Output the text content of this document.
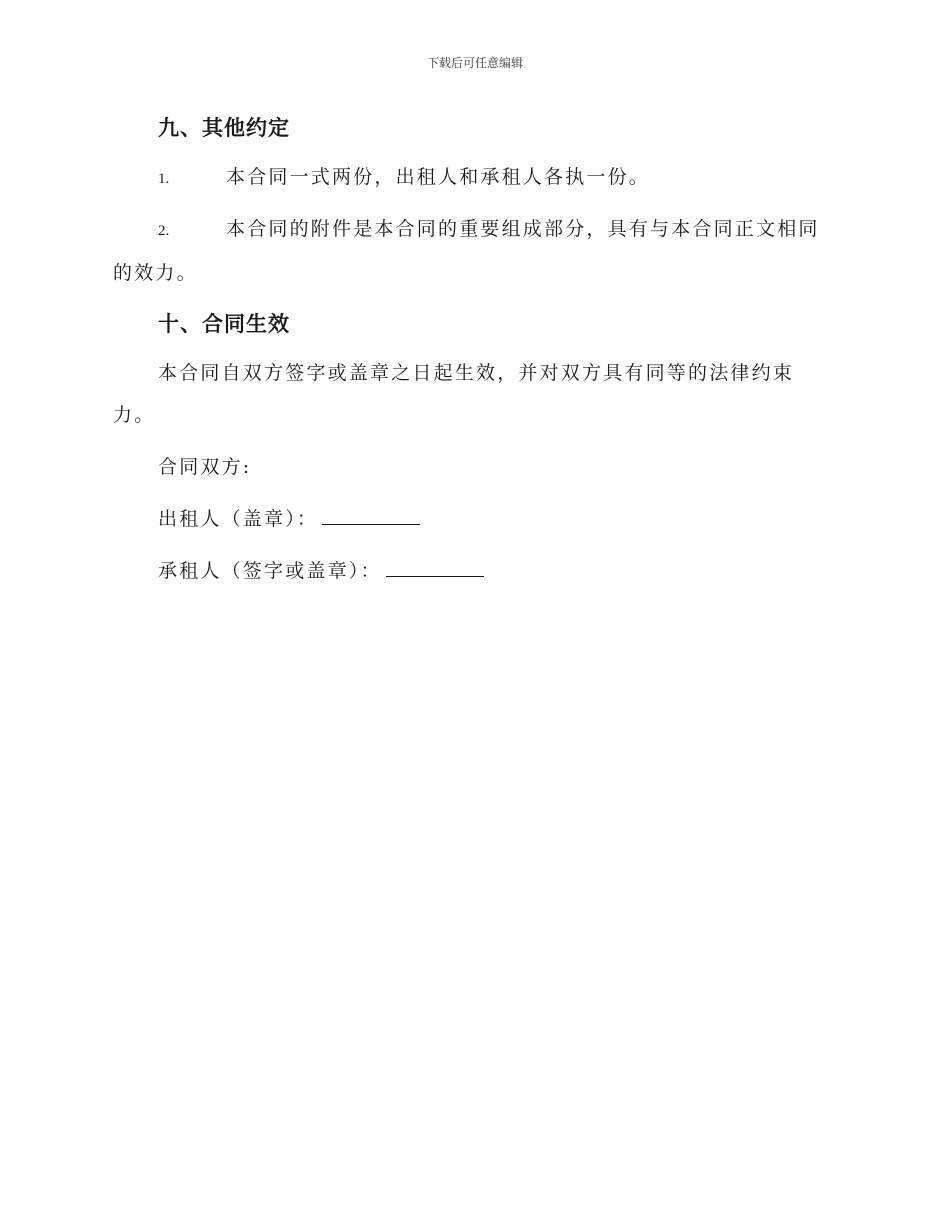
下载后可任意编辑
九、其他约定

1.	本合同一式两份，出租人和承租人各执一份。

2.	本合同的附件是本合同的重要组成部分，具有与本合同正文相同的效力。

十、合同生效

本合同自双方签字或盖章之日起生效，并对双方具有同等的法律约束力。

合同双方:

出租人（盖章）：

承租人（签字或盖章）：
